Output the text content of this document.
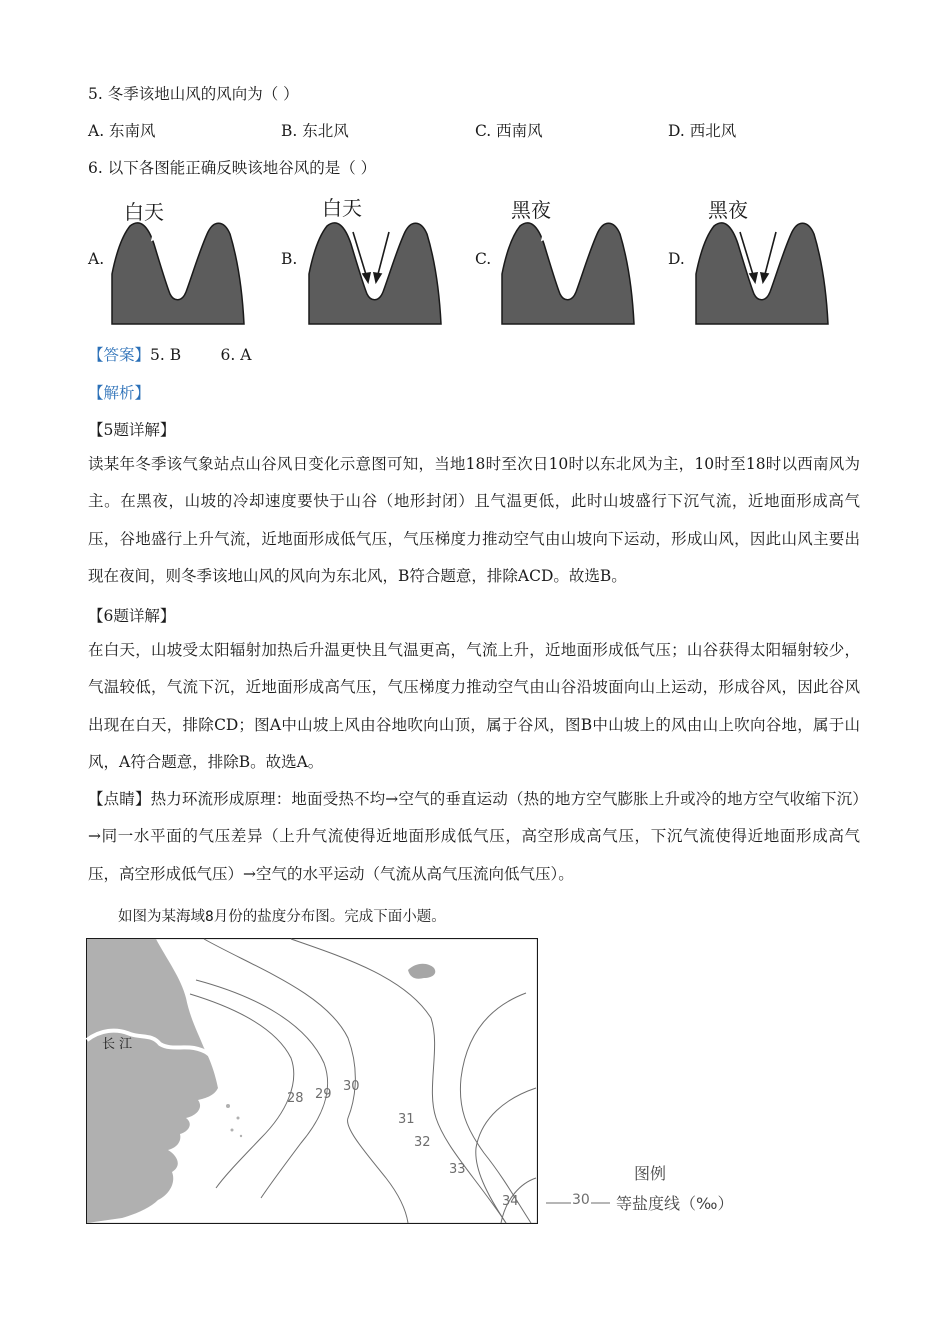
5. 冬季该地山风的风向为（ ）
A. 东南风	B. 东北风	C. 西南风	D. 西北风
6. 以下各图能正确反映该地谷风的是（ ）
A.
白天
B.
白天
C.
黑夜
D.
黑夜
【答案】5. B        6. A
【解析】
【5题详解】
读某年冬季该气象站点山谷风日变化示意图可知，当地18时至次日10时以东北风为主，10时至18时以西南风为主。在黑夜，山坡的冷却速度要快于山谷（地形封闭）且气温更低，此时山坡盛行下沉气流，近地面形成高气压，谷地盛行上升气流，近地面形成低气压，气压梯度力推动空气由山坡向下运动，形成山风，因此山风主要出现在夜间，则冬季该地山风的风向为东北风，B符合题意，排除ACD。故选B。
【6题详解】
在白天，山坡受太阳辐射加热后升温更快且气温更高，气流上升，近地面形成低气压；山谷获得太阳辐射较少，气温较低，气流下沉，近地面形成高气压，气压梯度力推动空气由山谷沿坡面向山上运动，形成谷风，因此谷风出现在白天，排除CD；图A中山坡上风由谷地吹向山顶，属于谷风，图B中山坡上的风由山上吹向谷地，属于山风，A符合题意，排除B。故选A。
【点睛】热力环流形成原理：地面受热不均→空气的垂直运动（热的地方空气膨胀上升或冷的地方空气收缩下沉）→同一水平面的气压差异（上升气流使得近地面形成低气压，高空形成高气压，下沉气流使得近地面形成高气压，高空形成低气压）→空气的水平运动（气流从高气压流向低气压）。
如图为某海域8月份的盐度分布图。完成下面小题。
长 江
28 29
30
31
32
33
34
图例
30 等盐度线（‰）
